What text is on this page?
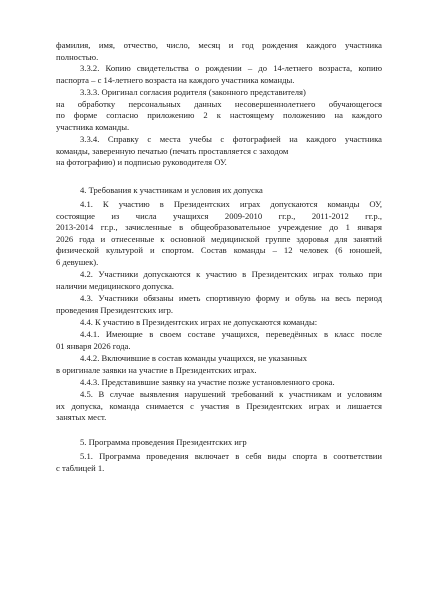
фамилия, имя, отчество, число, месяц и год рождения каждого участника
полностью.
3.3.2. Копию свидетельства о рождении – до 14-летнего возраста, копию
паспорта – с 14-летнего возраста на каждого участника команды.
3.3.3. Оригинал согласия родителя (законного представителя)
на обработку персональных данных несовершеннолетнего обучающегося
по форме согласно приложению 2 к настоящему положению на каждого
участника команды.
3.3.4. Справку с места учебы с фотографией на каждого участника
команды, заверенную печатью (печать проставляется с заходом
на фотографию) и подписью руководителя ОУ.
4. Требования к участникам и условия их допуска
4.1. К участию в Президентских играх допускаются команды ОУ,
состоящие из числа учащихся 2009-2010 гг.р., 2011-2012 гг.р.,
2013-2014 гг.р., зачисленные в общеобразовательное учреждение до 1 января
2026 года и отнесенные к основной медицинской группе здоровья для занятий
физической культурой и спортом. Состав команды – 12 человек (6 юношей,
6 девушек).
4.2. Участники допускаются к участию в Президентских играх только при
наличии медицинского допуска.
4.3. Участники обязаны иметь спортивную форму и обувь на весь период
проведения Президентских игр.
4.4. К участию в Президентских играх не допускаются команды:
4.4.1. Имеющие в своем составе учащихся, переведённых в класс после
01 января 2026 года.
4.4.2. Включившие в состав команды учащихся, не указанных
в оригинале заявки на участие в Президентских играх.
4.4.3. Представившие заявку на участие позже установленного срока.
4.5. В случае выявления нарушений требований к участникам и условиям
их допуска, команда снимается с участия в Президентских играх и лишается
занятых мест.
5. Программа проведения Президентских игр
5.1. Программа проведения включает в себя виды спорта в соответствии
с таблицей 1.
